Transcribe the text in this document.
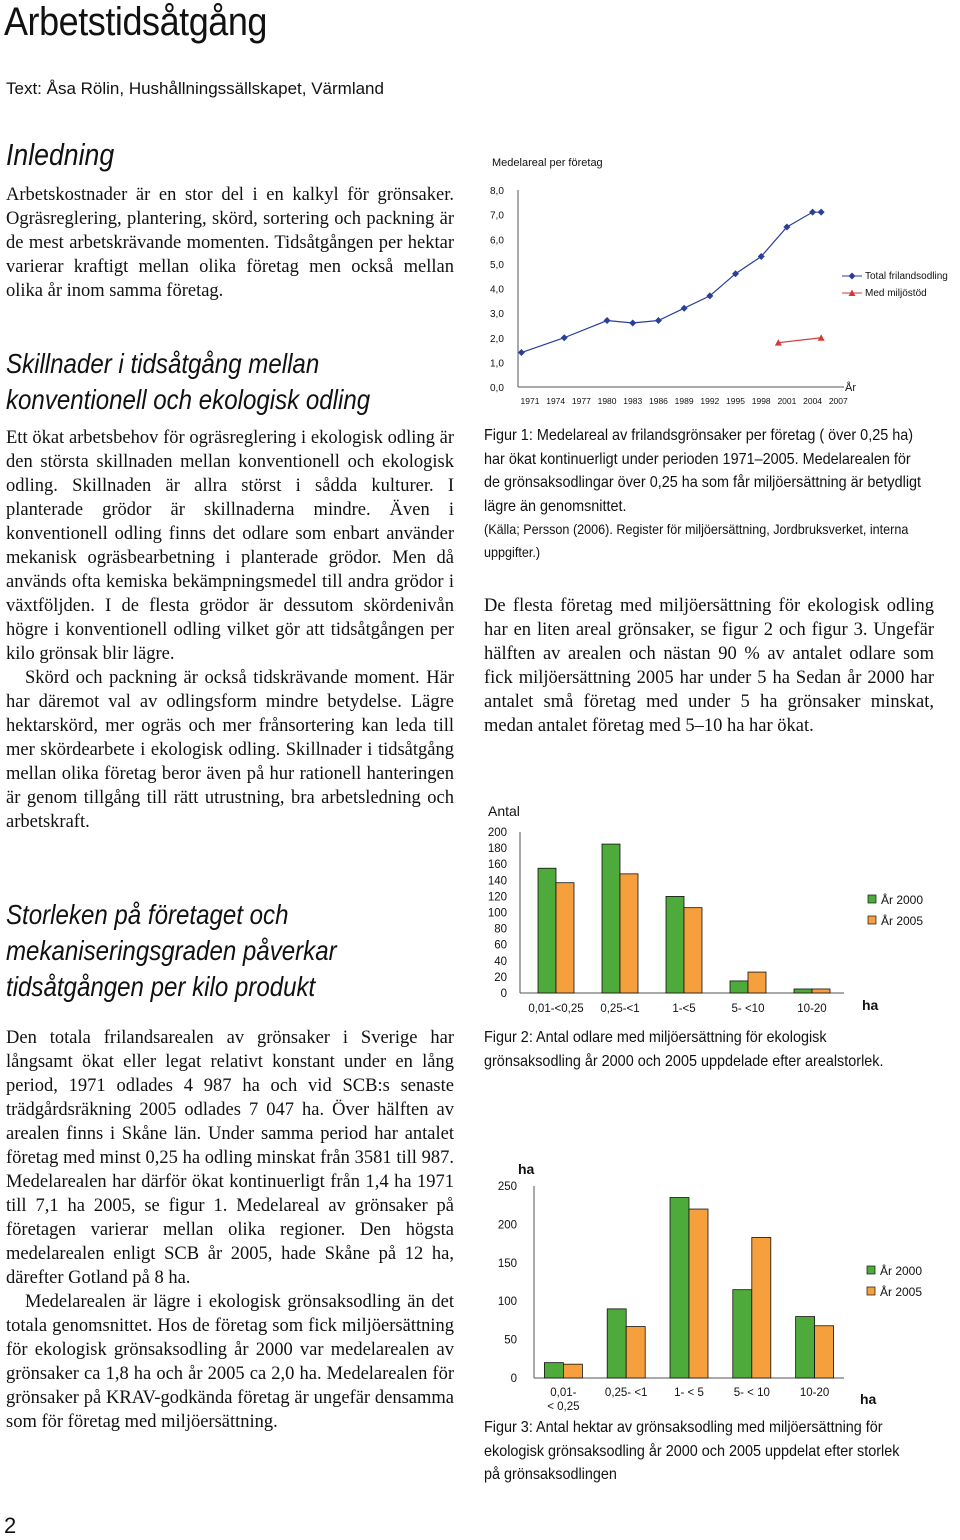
Arbetstidsåtgång
Text: Åsa Rölin, Hushållningssällskapet, Värmland
Inledning

Arbetskostnader är en stor del i en kalkyl för grönsaker. Ogräsreglering, plantering, skörd, sortering och packning är de mest arbetskrävande momenten. Tidsåtgången per hektar varierar kraftigt mellan olika företag men också mellan olika år inom samma företag.

Skillnader i tidsåtgång mellan
konventionell och ekologisk odling

Ett ökat arbetsbehov för ogräsreglering i ekologisk odling är den största skillnaden mellan konventionell och ekologisk odling. Skillnaden är allra störst i sådda kulturer. I planterade grödor är skillnaderna mindre. Även i konventionell odling finns det odlare som enbart använder mekanisk ogräsbearbetning i planterade grödor. Men då används ofta kemiska bekämpningsmedel till andra grödor i växtföljden. I de flesta grödor är dessutom skördenivån högre i konventionell odling vilket gör att tidsåtgången per kilo grönsak blir lägre.

Skörd och packning är också tidskrävande moment. Här har däremot val av odlingsform mindre betydelse. Lägre hektarskörd, mer ogräs och mer frånsortering kan leda till mer skördearbete i ekologisk odling. Skillnader i tidsåtgång mellan olika företag beror även på hur rationell hanteringen är genom tillgång till rätt utrustning, bra arbetsledning och arbetskraft.

Storleken på företaget och
mekaniseringsgraden påverkar
tidsåtgången per kilo produkt

Den totala frilandsarealen av grönsaker i Sverige har långsamt ökat eller legat relativt konstant under en lång period, 1971 odlades 4 987 ha och vid SCB:s senaste trädgårdsräkning 2005 odlades 7 047 ha. Över hälften av arealen finns i Skåne län. Under samma period har antalet företag med minst 0,25 ha odling minskat från 3581 till 987. Medelarealen har därför ökat kontinuerligt från 1,4 ha 1971 till 7,1 ha 2005, se figur 1. Medelareal av grönsaker på företagen varierar mellan olika regioner. Den högsta medelarealen enligt SCB år 2005, hade Skåne på 12 ha, därefter Gotland på 8 ha.

Medelarealen är lägre i ekologisk grönsaksodling än det totala genomsnittet. Hos de företag som fick miljöersättning för ekologisk grönsaksodling år 2000 var medelarealen av grönsaker ca 1,8 ha och år 2005 ca 2,0 ha. Medelarealen för grönsaker på KRAV-godkända företag är ungefär densamma som för företag med miljöersättning.

2
Medelareal per företag
0,0
1,0
2,0
3,0
4,0
5,0
6,0
7,0
8,0
1971 1974 1977 1980 1983 1986 1989 1992 1995 1998 2001 2004 2007
År
Total frilandsodling
Med miljöstöd
Figur 1: Medelareal av frilandsgrönsaker per företag ( över 0,25 ha) har ökat kontinuerligt under perioden 1971–2005. Medelarealen för de grönsaksodlingar över 0,25 ha som får miljöersättning är betydligt lägre än genomsnittet.
(Källa; Persson (2006). Register för miljöersättning, Jordbruksverket, interna uppgifter.)

De flesta företag med miljöersättning för ekologisk odling har en liten areal grönsaker, se figur 2 och figur 3. Ungefär hälften av arealen och nästan 90 % av antalet odlare som fick miljöersättning 2005 har under 5 ha Sedan år 2000 har antalet små företag med under 5 ha grönsaker minskat, medan antalet företag med 5–10 ha har ökat.

Antal
0
20
40
60
80
100
120
140
160
180
200
0,01-<0,25 0,25-<1	1-<5	5- <10	10-20	ha
År 2000
År 2005
Figur 2: Antal odlare med miljöersättning för ekologisk grönsaksodling år 2000 och 2005 uppdelade efter arealstorlek.
ha
0
50
100
150
200
250
0,01-< 0,25
0,25- <1 1- < 5	5- < 10	10-20 ha
År 2000
År 2005
Figur 3: Antal hektar av grönsaksodling med miljöersättning för ekologisk grönsaksodling år 2000 och 2005 uppdelat efter storlek på grönsaksodlingen
